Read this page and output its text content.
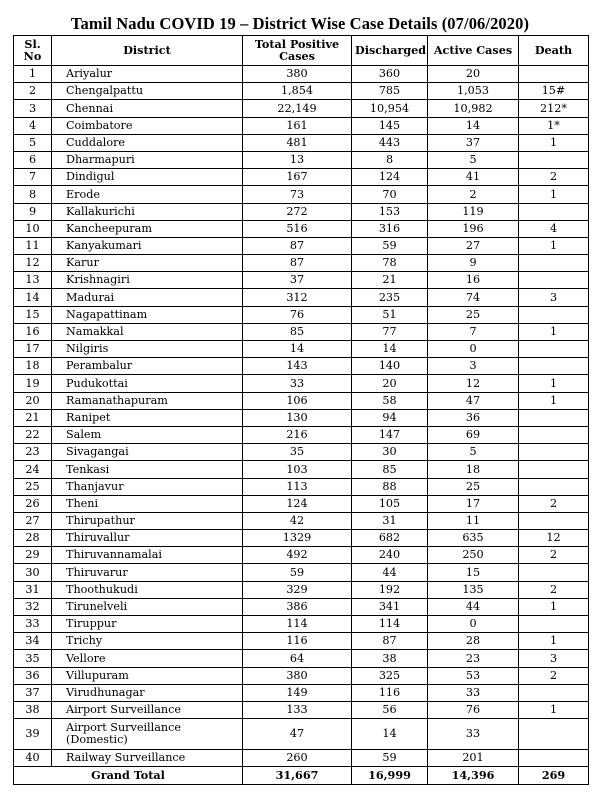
Tamil Nadu COVID 19 – District Wise Case Details (07/06/2020)
Sl. No	District	Total Positive Cases	Discharged	Active Cases	Death
1	Ariyalur	380	360	20	
2	Chengalpattu	1,854	785	1,053	15#
3	Chennai	22,149	10,954	10,982	212*
4	Coimbatore	161	145	14	1*
5	Cuddalore	481	443	37	1
6	Dharmapuri	13	8	5	
7	Dindigul	167	124	41	2
8	Erode	73	70	2	1
9	Kallakurichi	272	153	119	
10	Kancheepuram	516	316	196	4
11	Kanyakumari	87	59	27	1
12	Karur	87	78	9	
13	Krishnagiri	37	21	16	
14	Madurai	312	235	74	3
15	Nagapattinam	76	51	25	
16	Namakkal	85	77	7	1
17	Nilgiris	14	14	0	
18	Perambalur	143	140	3	
19	Pudukottai	33	20	12	1
20	Ramanathapuram	106	58	47	1
21	Ranipet	130	94	36	
22	Salem	216	147	69	
23	Sivagangai	35	30	5	
24	Tenkasi	103	85	18	
25	Thanjavur	113	88	25	
26	Theni	124	105	17	2
27	Thirupathur	42	31	11	
28	Thiruvallur	1329	682	635	12
29	Thiruvannamalai	492	240	250	2
30	Thiruvarur	59	44	15	
31	Thoothukudi	329	192	135	2
32	Tirunelveli	386	341	44	1
33	Tiruppur	114	114	0	
34	Trichy	116	87	28	1
35	Vellore	64	38	23	3
36	Villupuram	380	325	53	2
37	Virudhunagar	149	116	33	
38	Airport Surveillance	133	56	76	1
39	Airport Surveillance (Domestic)	47	14	33	
40	Railway Surveillance	260	59	201	
Grand Total		31,667	16,999	14,396	269
